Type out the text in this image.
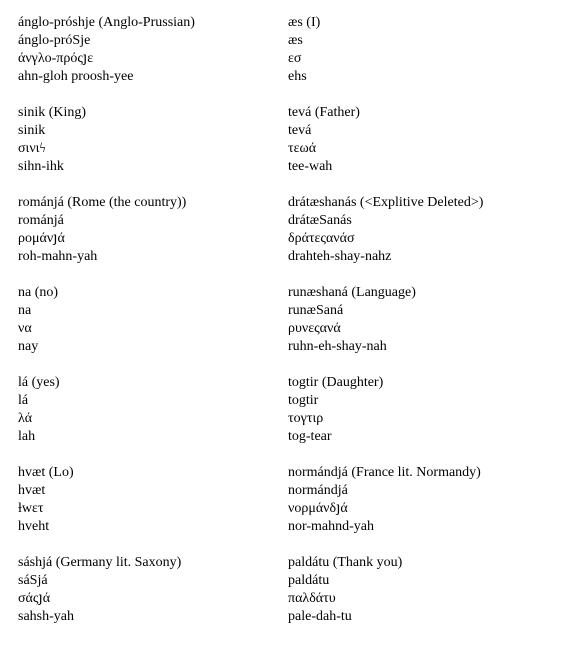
ánglo-próshje (Anglo-Prussian)
ánglo-próSje
άνγλο-πρόςյε
ahn-gloh proosh-yee
sinik (King)
sinik
σινιϟ
sihn-ihk
románjá (Rome (the country))
románjá
ρομάνյά
roh-mahn-yah
na (no)
na
να
nay
lá (yes)
lá
λά
lah
hvæt (Lo)
hvæt
ƚwετ
hveht
sáshjá (Germany lit. Saxony)
sáSjá
σάςյά
sahsh-yah
æs (I)
æs
εσ
ehs
tevá (Father)
tevá
τεωά
tee-wah
drátæshanás (<Explitive Deleted>)
drátæSanás
δράτεςανάσ
drahteh-shay-nahz
runæshaná (Language)
runæSaná
ρυνεςανά
ruhn-eh-shay-nah
togtir (Daughter)
togtir
τογτιρ
tog-tear
normándjá (France lit. Normandy)
normándjá
νορμάνδյά
nor-mahnd-yah
paldátu (Thank you)
paldátu
παλδάτυ
pale-dah-tu
